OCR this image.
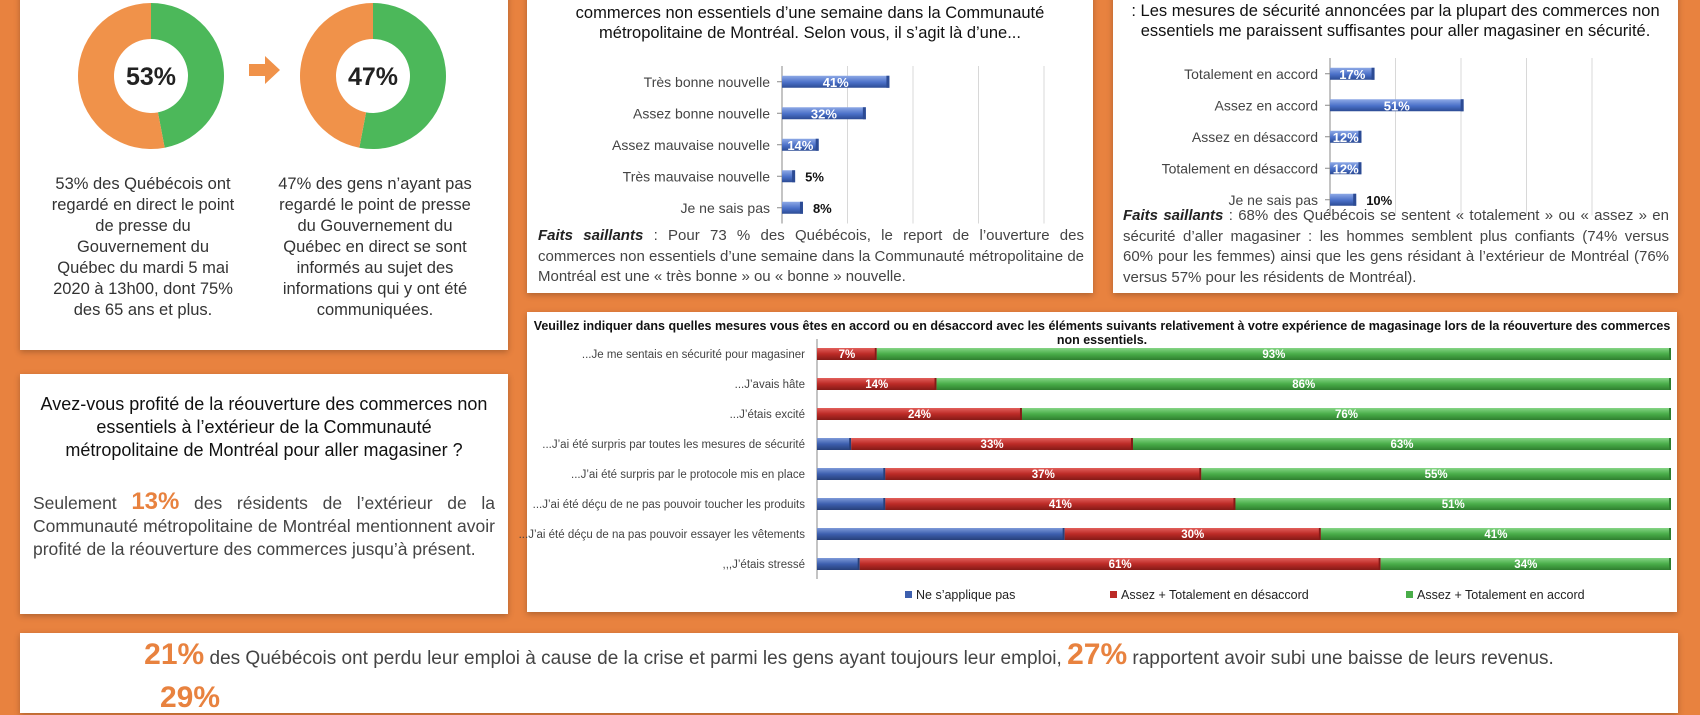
53%	47%
53% des Québécois ont regardé en direct le point de presse du Gouvernement du Québec du mardi 5 mai 2020 à 13h00, dont 75% des 65 ans et plus.
47% des gens n’ayant pas regardé le point de presse du Gouvernement du Québec en direct se sont informés au sujet des informations qui y ont été communiquées.
commerces non essentiels d’une semaine dans la Communauté
métropolitaine de Montréal. Selon vous, il s’agit là d’une...
Très bonne nouvelle	41%
Assez bonne nouvelle	32%
Assez mauvaise nouvelle 14%
Très mauvaise nouvelle	5%
Je ne sais pas	8%
Faits saillants : Pour 73 % des Québécois, le report de l’ouverture des commerces non essentiels d’une semaine dans la Communauté métropolitaine de Montréal est une « très bonne » ou « bonne » nouvelle.
: Les mesures de sécurité annoncées par la plupart des commerces non
essentiels me paraissent suffisantes pour aller magasiner en sécurité.
Totalement en accord 17%
Assez en accord	51%
Assez en désaccord 12%
Totalement en désaccord 12%
Je ne sais pas	10%
Faits saillants : 68% des Québécois se sentent « totalement » ou « assez » en sécurité d’aller magasiner : les hommes semblent plus confiants (74% versus 60% pour les femmes) ainsi que les gens résidant à l’extérieur de Montréal (76% versus 57% pour les résidents de Montréal).
Avez-vous profité de la réouverture des commerces non essentiels à l’extérieur de la Communauté métropolitaine de Montréal pour aller magasiner ?
Seulement 13% des résidents de l’extérieur de la Communauté métropolitaine de Montréal mentionnent avoir profité de la réouverture des commerces jusqu’à présent.
Veuillez indiquer dans quelles mesures vous êtes en accord ou en désaccord avec les éléments suivants relativement à votre expérience de magasinage lors de la réouverture des commerces non essentiels.
...Je me sentais en sécurité pour magasiner	7%	93%
...J’avais hâte	14%	86%
...J’étais excité	24%	76%
...J’ai été surpris par toutes les mesures de sécurité	33%	63%
...J’ai été surpris par le protocole mis en place	37%	55%
...J’ai été déçu de ne pas pouvoir toucher les produits	41%	51%
...J’ai été déçu de na pas pouvoir essayer les vêtements	30%	41%
,,,J’étais stressé	61%	34%
Ne s’applique pas	Assez + Totalement en désaccord	Assez + Totalement en accord
21% des Québécois ont perdu leur emploi à cause de la crise et parmi les gens ayant toujours leur emploi, 27% rapportent avoir subi une baisse de leurs revenus.
29%
